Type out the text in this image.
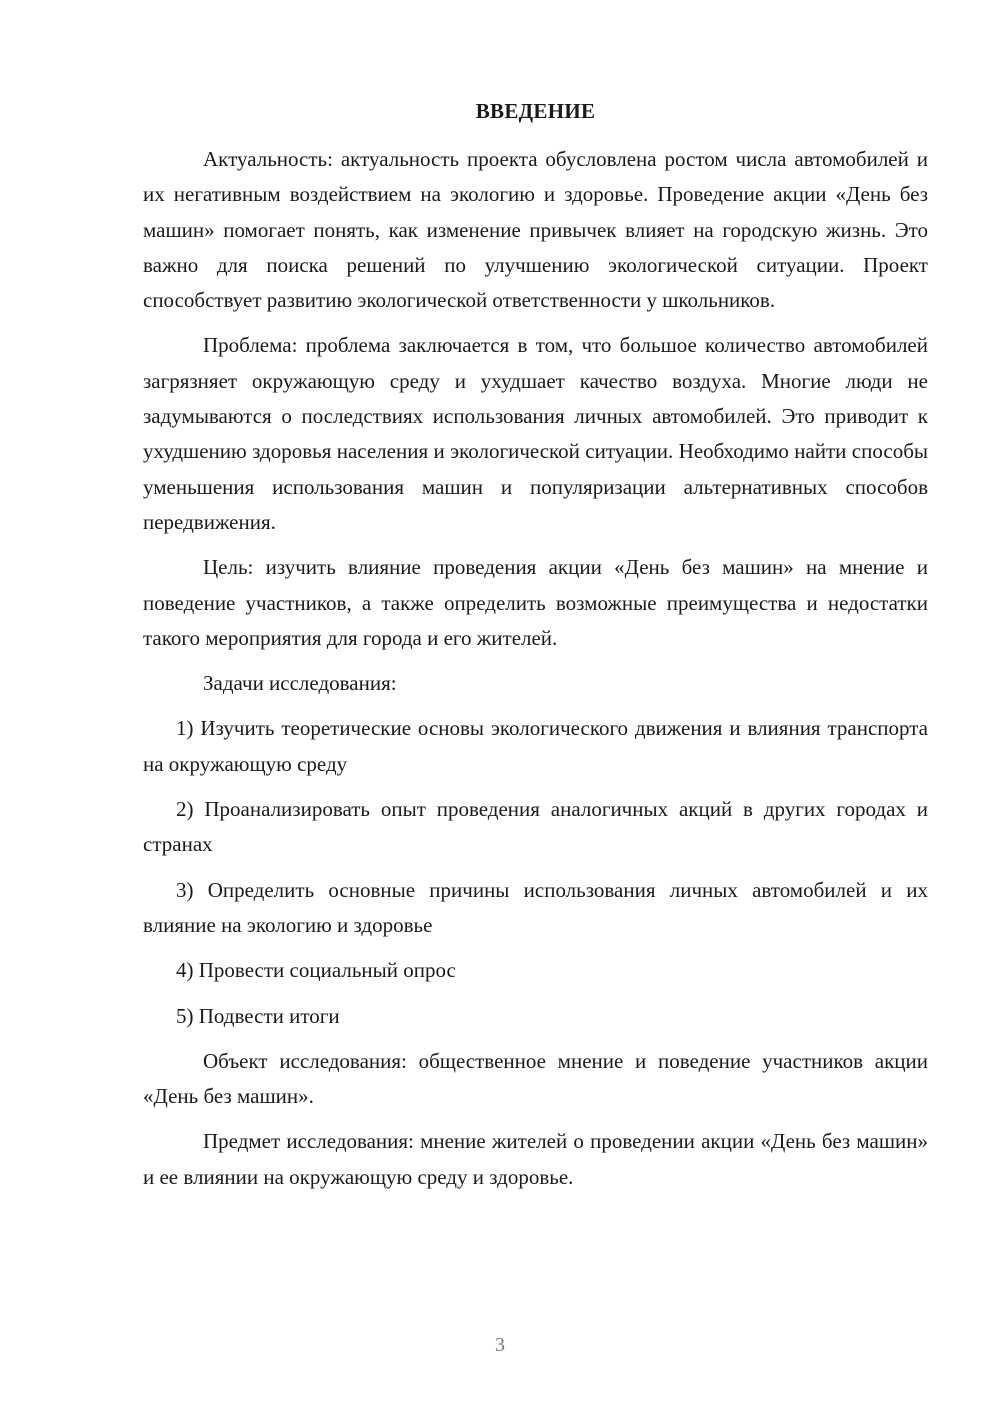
ВВЕДЕНИЕ

Актуальность: актуальность проекта обусловлена ростом числа автомобилей и их негативным воздействием на экологию и здоровье. Проведение акции «День без машин» помогает понять, как изменение привычек влияет на городскую жизнь. Это важно для поиска решений по улучшению экологической ситуации. Проект способствует развитию экологической ответственности у школьников.

Проблема: проблема заключается в том, что большое количество автомобилей загрязняет окружающую среду и ухудшает качество воздуха. Многие люди не задумываются о последствиях использования личных автомобилей. Это приводит к ухудшению здоровья населения и экологической ситуации. Необходимо найти способы уменьшения использования машин и популяризации альтернативных способов передвижения.

Цель: изучить влияние проведения акции «День без машин» на мнение и поведение участников, а также определить возможные преимущества и недостатки такого мероприятия для города и его жителей.

Задачи исследования:

1) Изучить теоретические основы экологического движения и влияния транспорта на окружающую среду

2) Проанализировать опыт проведения аналогичных акций в других городах и странах

3) Определить основные причины использования личных автомобилей и их влияние на экологию и здоровье

4) Провести социальный опрос

5) Подвести итоги

Объект исследования: общественное мнение и поведение участников акции «День без машин».

Предмет исследования: мнение жителей о проведении акции «День без машин» и ее влиянии на окружающую среду и здоровье.

3
